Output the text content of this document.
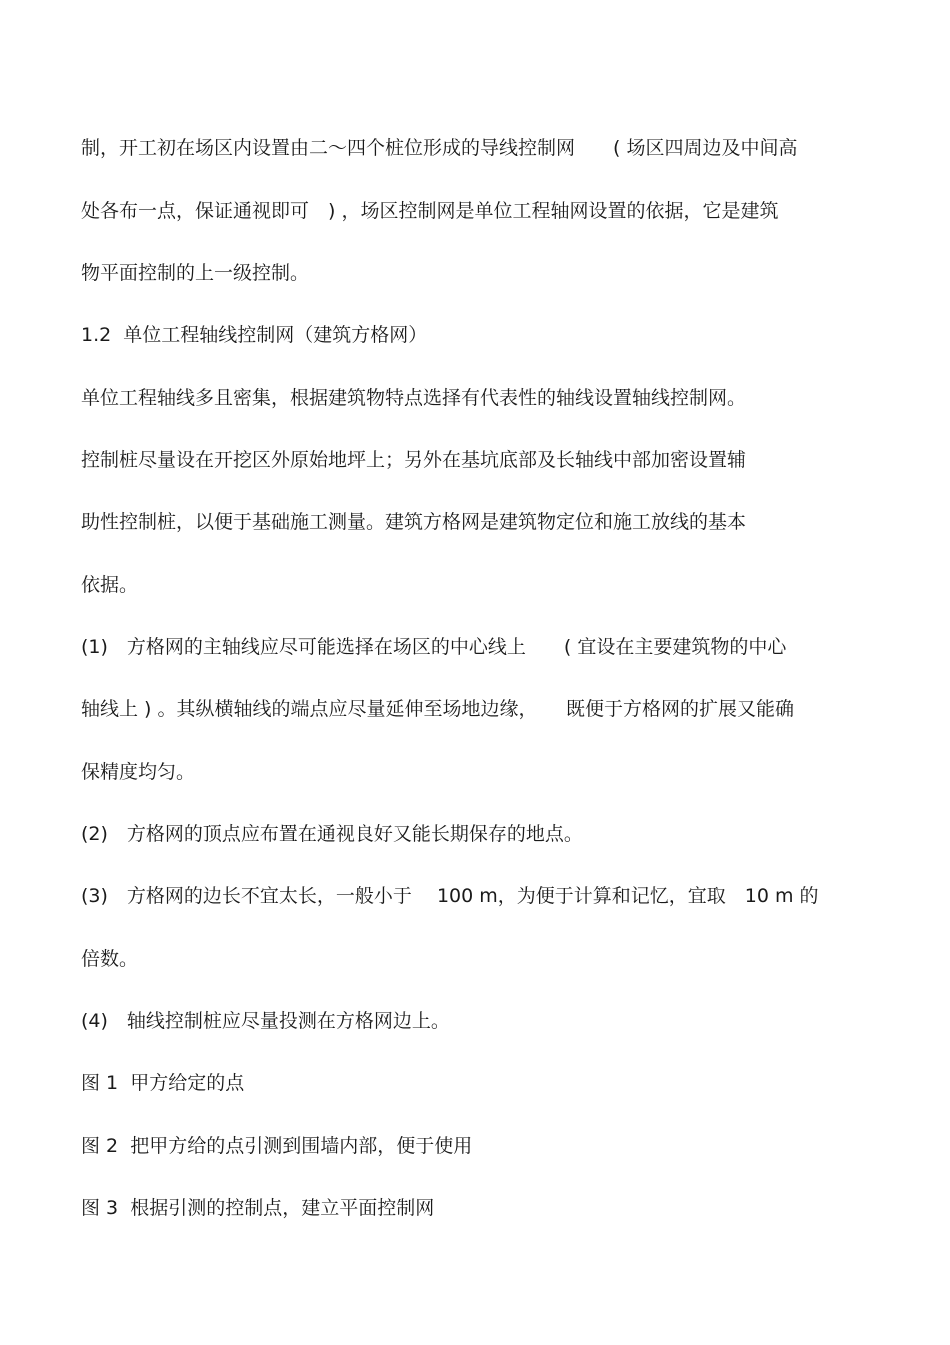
制，开工初在场区内设置由二～四个桩位形成的导线控制网　　( 场区四周边及中间高
处各布一点，保证通视即可　) ，场区控制网是单位工程轴网设置的依据，它是建筑
物平面控制的上一级控制。
1.2  单位工程轴线控制网（建筑方格网）
单位工程轴线多且密集，根据建筑物特点选择有代表性的轴线设置轴线控制网。
控制桩尽量设在开挖区外原始地坪上；另外在基坑底部及长轴线中部加密设置辅
助性控制桩，以便于基础施工测量。建筑方格网是建筑物定位和施工放线的基本
依据。
(1)　方格网的主轴线应尽可能选择在场区的中心线上　　( 宜设在主要建筑物的中心
轴线上 ) 。其纵横轴线的端点应尽量延伸至场地边缘，　　既便于方格网的扩展又能确
保精度均匀。
(2)　方格网的顶点应布置在通视良好又能长期保存的地点。
(3)　方格网的边长不宜太长，一般小于　 100 m，为便于计算和记忆，宜取　10 m 的
倍数。
(4)　轴线控制桩应尽量投测在方格网边上。
图 1  甲方给定的点
图 2  把甲方给的点引测到围墙内部，便于使用
图 3  根据引测的控制点，建立平面控制网
